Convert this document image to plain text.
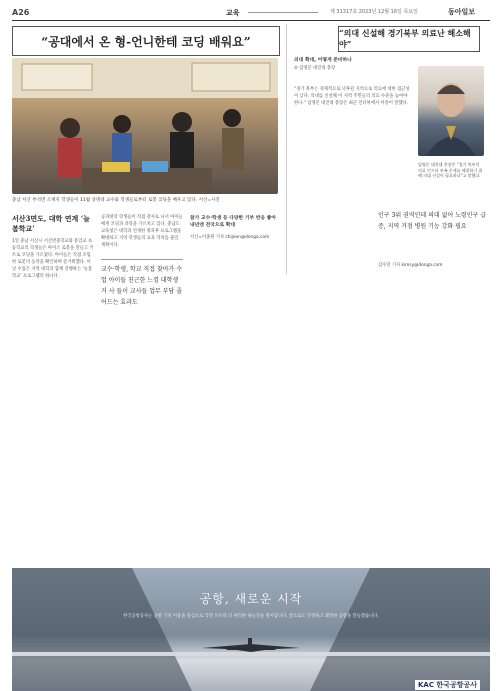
A26	교육	제 31317호 2023년 12월 16일 목요일	동아일보
“공대에서 온 형-언니한테 코딩 배워요”
충남 서산 부석면 소재지 학생들이 11월 상명대 교수와 학생들로부터 로봇 코딩을 배우고 있다. 서산=사진
서산3면도, 대학 연계 ‘늘봄학교’
1일 충남 서산시 서산면중학교와 용암교 초등학교의 학생들은 아이스 로봇을 만들고 키트로 코딩을 가르쳤다. 아이들은 직접 조립한 로봇의 동작을 확인하며 즐거워했다. 이날 수업은 지역 대학과 함께 진행하는 ‘늘봄학교’ 프로그램의 하나다.
공과대학 학생들이 직접 강사로 나서 아이들에게 코딩과 과학을 가르치고 있다. 충남도교육청은 대학과 연계한 방과후 프로그램을 확대하고 지역 학생들의 교육 격차를 줄일 계획이다.
교수·학생, 학교 직접 찾아가 수업 아이들 친근한 느낌 대학생 거 사 들이 교사들 업무 부담 줄어드는 효과도
참가 교수·학생 등 다양한 기부 반응 좋아 내년엔 전국으로 확대
서산=이종원 기자 chijeon@donga.com
“의대 신설해 경기북부 의료난 해소해야”
의대 확대, 어떻게 준비하나
② 임영문 대진대 총장
“경기 북부는 경제적으로 낙후된 지역으로 의료에 대한 접근성이 낮다. 의대를 신설해 이 지역 주민들의 의료 수준을 높여야 한다.” 임영문 대진대 총장은 최근 인터뷰에서 이같이 말했다.
임영문 대진대 총장은 “경기 북부의 의료 인프라 부족 문제를 해결하기 위해 의대 신설이 필요하다”고 말했다.
인구 3위 권역인데 의대 없어 노령인구 급증, 지역 거점 병원 기능 강화 필요
김수연 기자 kimsy@donga.com
공항, 새로운 시작
한국공항공사는 공항 가치 이용을 중심으로 국민 모두의 더 편리한 하늘길을 열어갑니다. 앞으로도 안전하고 쾌적한 공항을 만들겠습니다.
KAC 한국공항공사
